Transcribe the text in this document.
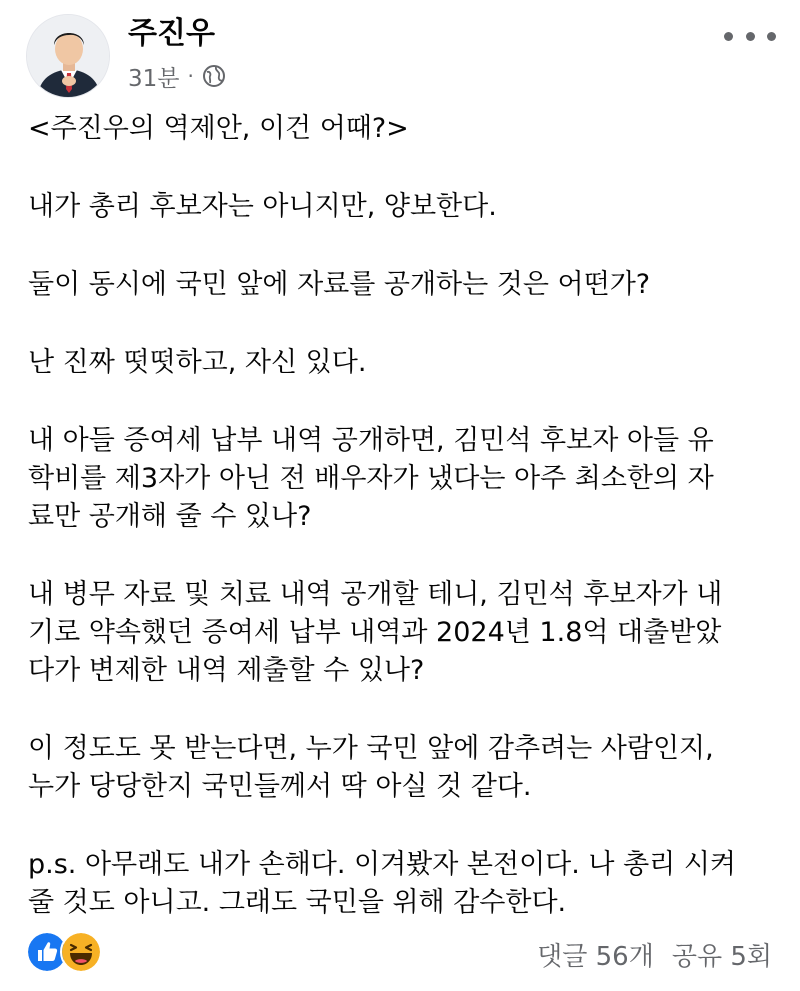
주진우
31분 ·

<주진우의 역제안, 이건 어때?>

내가 총리 후보자는 아니지만, 양보한다.

둘이 동시에 국민 앞에 자료를 공개하는 것은 어떤가?

난 진짜 떳떳하고, 자신 있다.

내 아들 증여세 납부 내역 공개하면, 김민석 후보자 아들 유
학비를 제3자가 아닌 전 배우자가 냈다는 아주 최소한의 자
료만 공개해 줄 수 있나?

내 병무 자료 및 치료 내역 공개할 테니, 김민석 후보자가 내
기로 약속했던 증여세 납부 내역과 2024년 1.8억 대출받았
다가 변제한 내역 제출할 수 있나?

이 정도도 못 받는다면, 누가 국민 앞에 감추려는 사람인지,
누가 당당한지 국민들께서 딱 아실 것 같다.

p.s. 아무래도 내가 손해다. 이겨봤자 본전이다. 나 총리 시켜
줄 것도 아니고. 그래도 국민을 위해 감수한다.

댓글 56개 공유 5회
